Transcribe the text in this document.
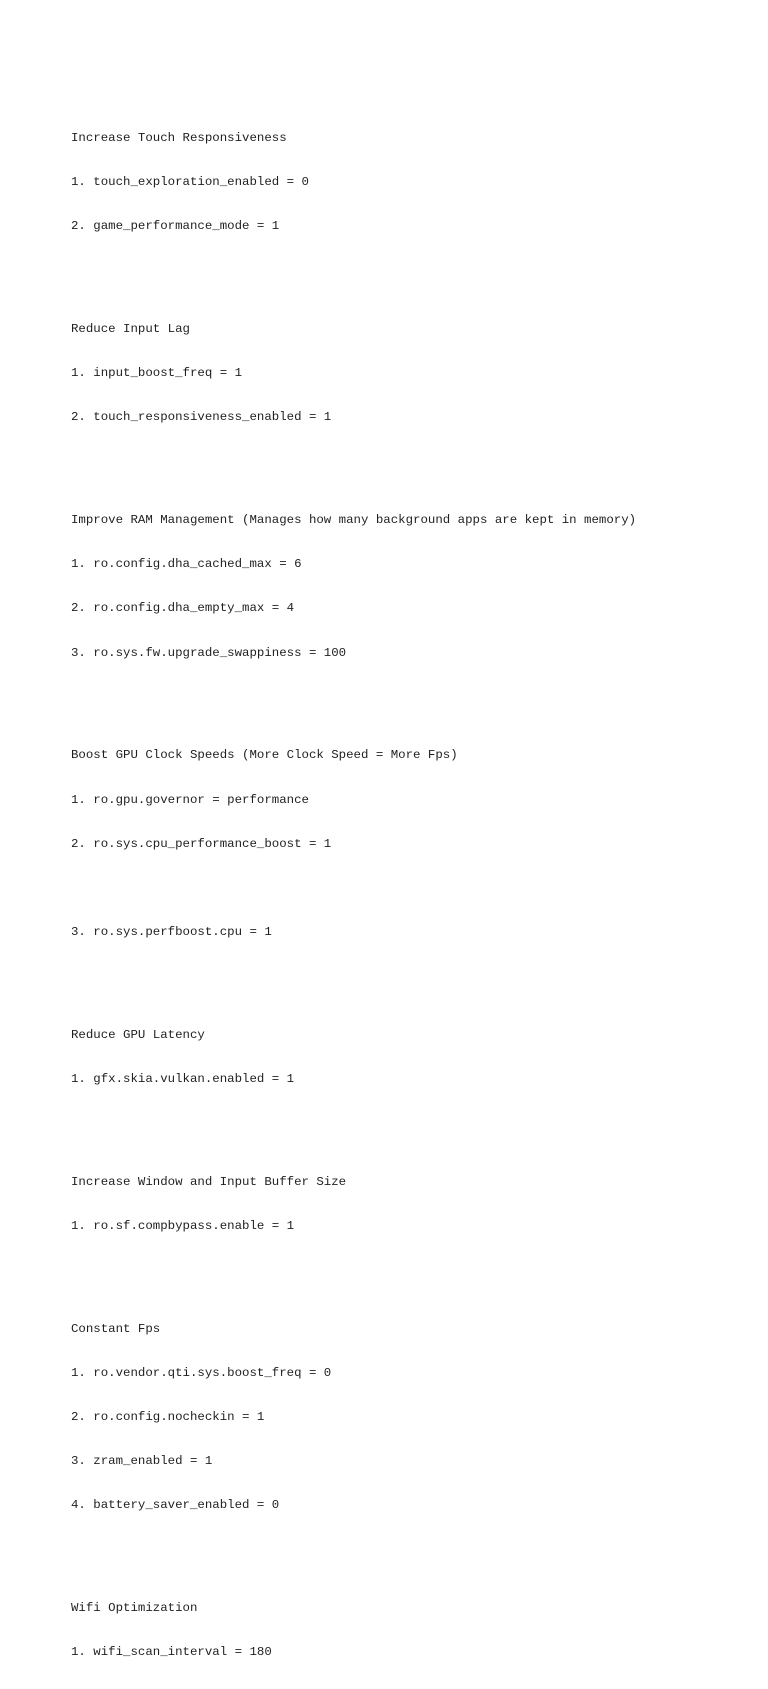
Increase Touch Responsiveness

1. touch_exploration_enabled = 0

2. game_performance_mode = 1

Reduce Input Lag

1. input_boost_freq = 1

2. touch_responsiveness_enabled = 1

Improve RAM Management (Manages how many background apps are kept in memory)

1. ro.config.dha_cached_max = 6

2. ro.config.dha_empty_max = 4

3. ro.sys.fw.upgrade_swappiness = 100

Boost GPU Clock Speeds (More Clock Speed = More Fps)

1. ro.gpu.governor = performance

2. ro.sys.cpu_performance_boost = 1

3. ro.sys.perfboost.cpu = 1

Reduce GPU Latency

1. gfx.skia.vulkan.enabled = 1

Increase Window and Input Buffer Size

1. ro.sf.compbypass.enable = 1

Constant Fps

1. ro.vendor.qti.sys.boost_freq = 0

2. ro.config.nocheckin = 1

3. zram_enabled = 1

4. battery_saver_enabled = 0

Wifi Optimization

1. wifi_scan_interval = 180
